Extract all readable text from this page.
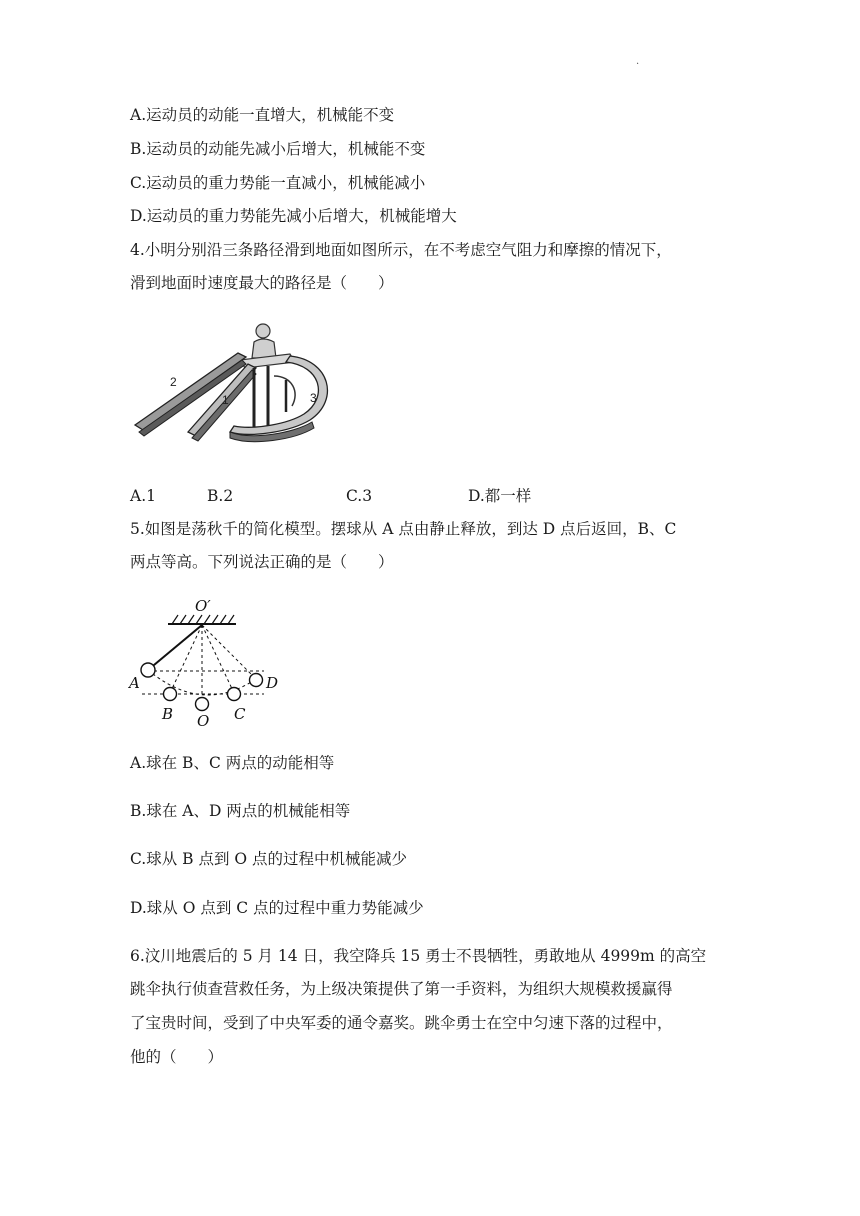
.
A.运动员的动能一直增大，机械能不变
B.运动员的动能先减小后增大，机械能不变
C.运动员的重力势能一直减小，机械能减小
D.运动员的重力势能先减小后增大，机械能增大
4.小明分别沿三条路径滑到地面如图所示，在不考虑空气阻力和摩擦的情况下，
滑到地面时速度最大的路径是（　　）
2
1	3
A.1	B.2	C.3	D.都一样
5.如图是荡秋千的简化模型。摆球从 A 点由静止释放，到达 D 点后返回，B、C
两点等高。下列说法正确的是（　　）
O′
A
B O C
D
A.球在 B、C 两点的动能相等
B.球在 A、D 两点的机械能相等
C.球从 B 点到 O 点的过程中机械能减少
D.球从 O 点到 C 点的过程中重力势能减少
6.汶川地震后的 5 月 14 日，我空降兵 15 勇士不畏牺牲，勇敢地从 4999m 的高空
跳伞执行侦查营救任务，为上级决策提供了第一手资料，为组织大规模救援赢得
了宝贵时间，受到了中央军委的通令嘉奖。跳伞勇士在空中匀速下落的过程中，
他的（　　）
